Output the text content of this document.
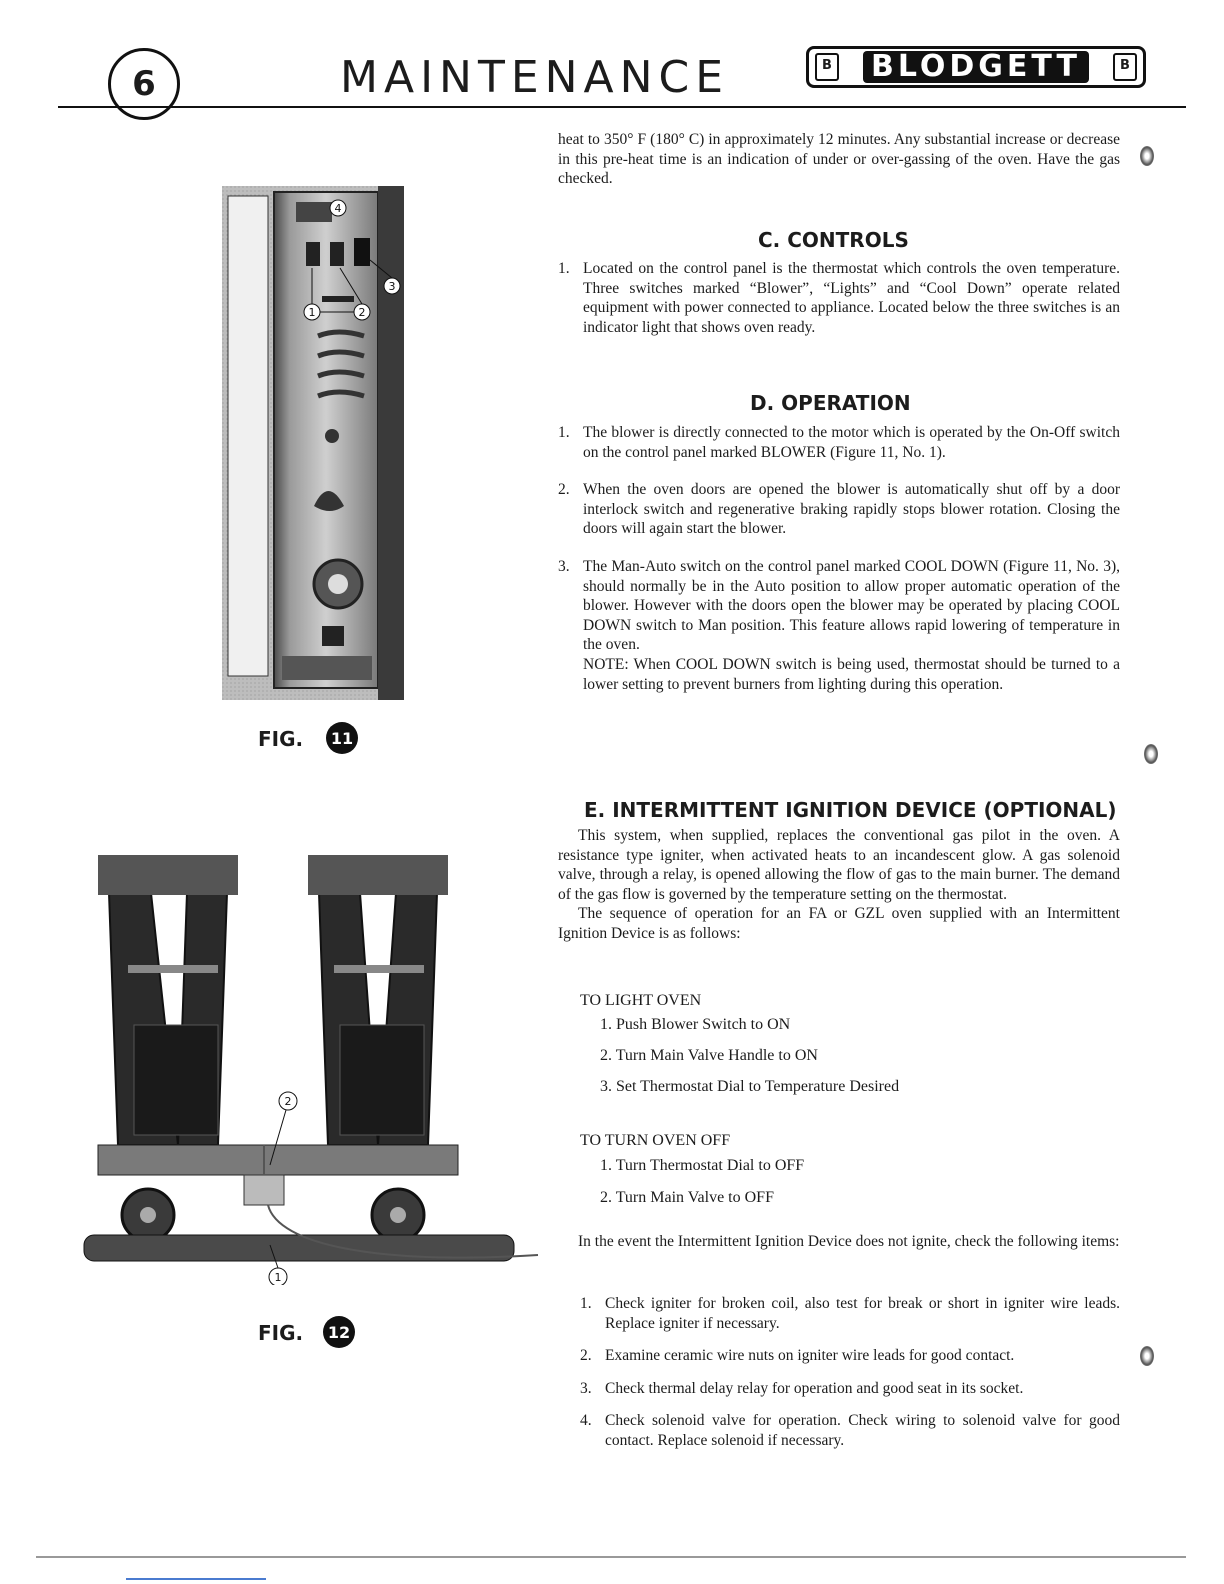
6	MAINTENANCE	B BLODGETT	B

heat to 350° F (180° C) in approximately 12 minutes. Any substantial increase or decrease in this pre-heat time is an indication of under or over-gassing of the oven. Have the gas checked.

C. CONTROLS
1. Located on the control panel is the thermostat which controls the oven temperature. Three switches marked “Blower”, “Lights” and “Cool Down” operate related equipment with power connected to appliance. Located below the three switches is an indicator light that shows oven ready.
D. OPERATION
1. The blower is directly connected to the motor which is operated by the On-Off switch on the control panel marked BLOWER (Figure 11, No. 1).
2. When the oven doors are opened the blower is automatically shut off by a door interlock switch and regenerative braking rapidly stops blower rotation. Closing the doors will again start the blower.
3. The Man-Auto switch on the control panel marked COOL DOWN (Figure 11, No. 3), should normally be in the Auto position to allow proper automatic operation of the blower. However with the doors open the blower may be operated by placing COOL DOWN switch to Man position. This feature allows rapid lowering of temperature in the oven.
NOTE: When COOL DOWN switch is being used, thermostat should be turned to a lower setting to prevent burners from lighting during this operation.
E. INTERMITTENT IGNITION DEVICE (OPTIONAL)

This system, when supplied, replaces the conventional gas pilot in the oven. A resistance type igniter, when activated heats to an incandescent glow. A gas solenoid valve, through a relay, is opened allowing the flow of gas to the main burner. The demand of the gas flow is governed by the temperature setting on the thermostat.

The sequence of operation for an FA or GZL oven supplied with an Intermittent Ignition Device is as follows:

TO LIGHT OVEN
1. Push Blower Switch to ON
2. Turn Main Valve Handle to ON
3. Set Thermostat Dial to Temperature Desired
TO TURN OVEN OFF
1. Turn Thermostat Dial to OFF
2. Turn Main Valve to OFF

In the event the Intermittent Ignition Device does not ignite, check the following items:

1. Check igniter for broken coil, also test for break or short in igniter wire leads. Replace igniter if necessary.
2. Examine ceramic wire nuts on igniter wire leads for good contact.
3. Check thermal delay relay for operation and good seat in its socket.
4. Check solenoid valve for operation. Check wiring to solenoid valve for good contact. Replace solenoid if necessary.
4
3
1	2
FIG.	11
2
1
FIG.	12
